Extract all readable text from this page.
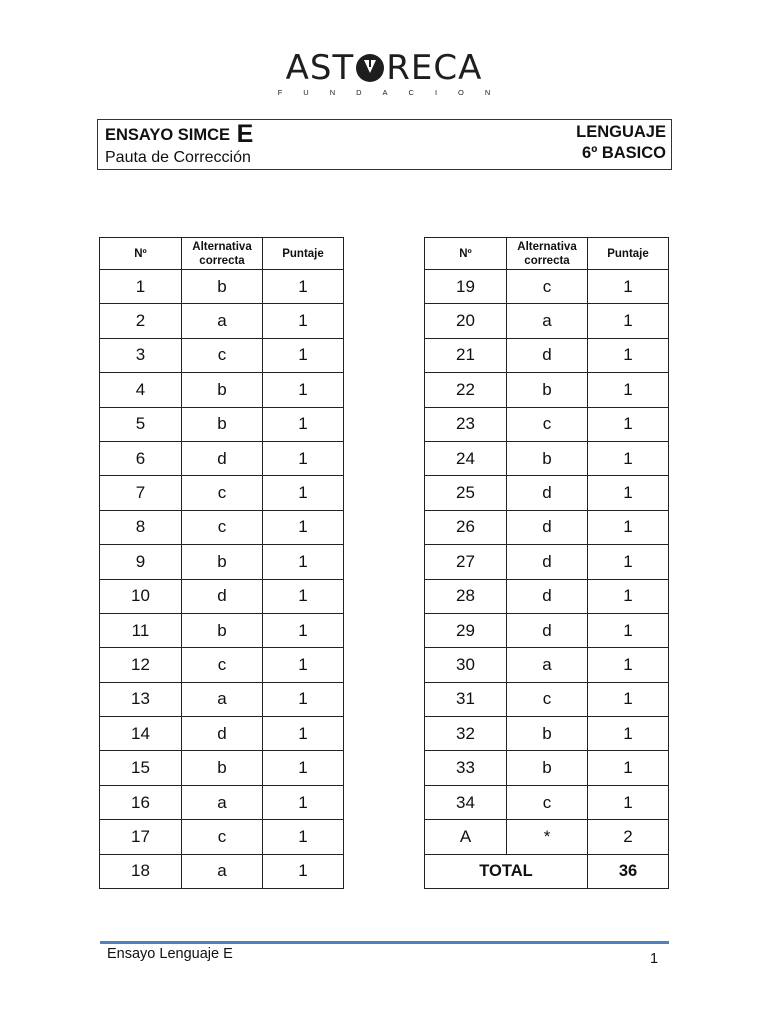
AST RECA
FUNDACION
ENSAYO SIMCE E
Pauta de Corrección
LENGUAJE
6º BASICO
Nº	Alternativa correcta	Puntaje
1	b	1
2	a	1
3	c	1
4	b	1
5	b	1
6	d	1
7	c	1
8	c	1
9	b	1
10	d	1
11	b	1
12	c	1
13	a	1
14	d	1
15	b	1
16	a	1
17	c	1
18	a	1
Nº	Alternativa correcta	Puntaje
19	c	1
20	a	1
21	d	1
22	b	1
23	c	1
24	b	1
25	d	1
26	d	1
27	d	1
28	d	1
29	d	1
30	a	1
31	c	1
32	b	1
33	b	1
34	c	1
A	*	2
TOTAL		36
Ensayo Lenguaje E	1
